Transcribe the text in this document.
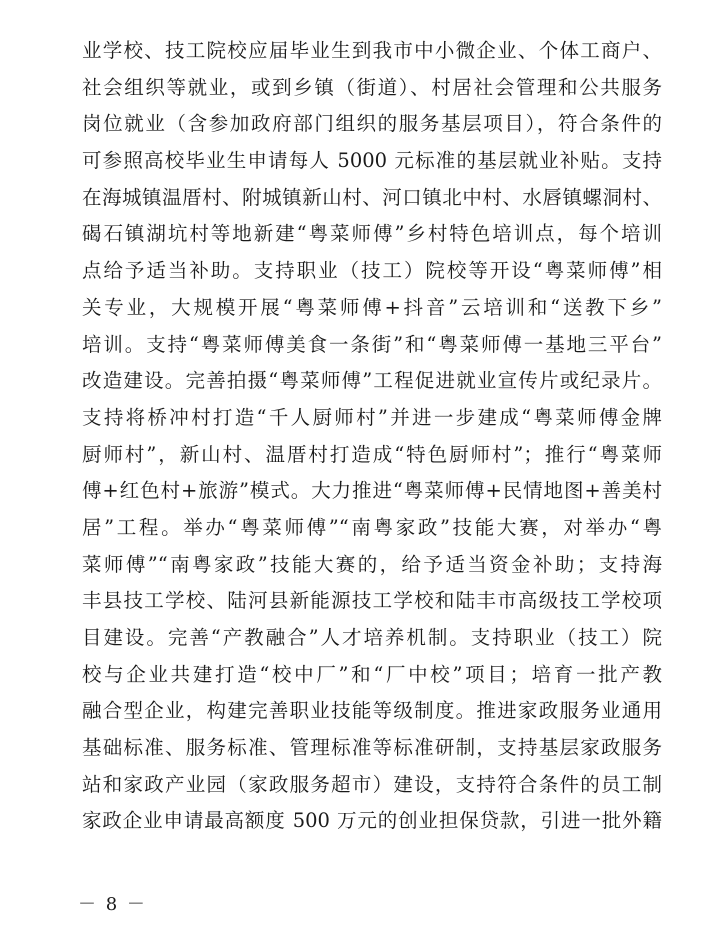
业学校、技工院校应届毕业生到我市中小微企业、个体工商户、
社会组织等就业，或到乡镇（街道）、村居社会管理和公共服务
岗位就业（含参加政府部门组织的服务基层项目），符合条件的
可参照高校毕业生申请每人 5000 元标准的基层就业补贴。支持
在海城镇温厝村、附城镇新山村、河口镇北中村、水唇镇螺洞村、
碣石镇湖坑村等地新建“粤菜师傅”乡村特色培训点，每个培训
点给予适当补助。支持职业（技工）院校等开设“粤菜师傅”相
关专业，大规模开展“粤菜师傅+抖音”云培训和“送教下乡”
培训。支持“粤菜师傅美食一条街”和“粤菜师傅一基地三平台”
改造建设。完善拍摄“粤菜师傅”工程促进就业宣传片或纪录片。
支持将桥冲村打造“千人厨师村”并进一步建成“粤菜师傅金牌
厨师村”，新山村、温厝村打造成“特色厨师村”；推行“粤菜师
傅+红色村+旅游”模式。大力推进“粤菜师傅+民情地图+善美村
居”工程。举办“粤菜师傅”“南粤家政”技能大赛，对举办“粤
菜师傅”“南粤家政”技能大赛的，给予适当资金补助；支持海
丰县技工学校、陆河县新能源技工学校和陆丰市高级技工学校项
目建设。完善“产教融合”人才培养机制。支持职业（技工）院
校与企业共建打造“校中厂”和“厂中校”项目；培育一批产教
融合型企业，构建完善职业技能等级制度。推进家政服务业通用
基础标准、服务标准、管理标准等标准研制，支持基层家政服务
站和家政产业园（家政服务超市）建设，支持符合条件的员工制
家政企业申请最高额度 500 万元的创业担保贷款，引进一批外籍
－ 8 －
